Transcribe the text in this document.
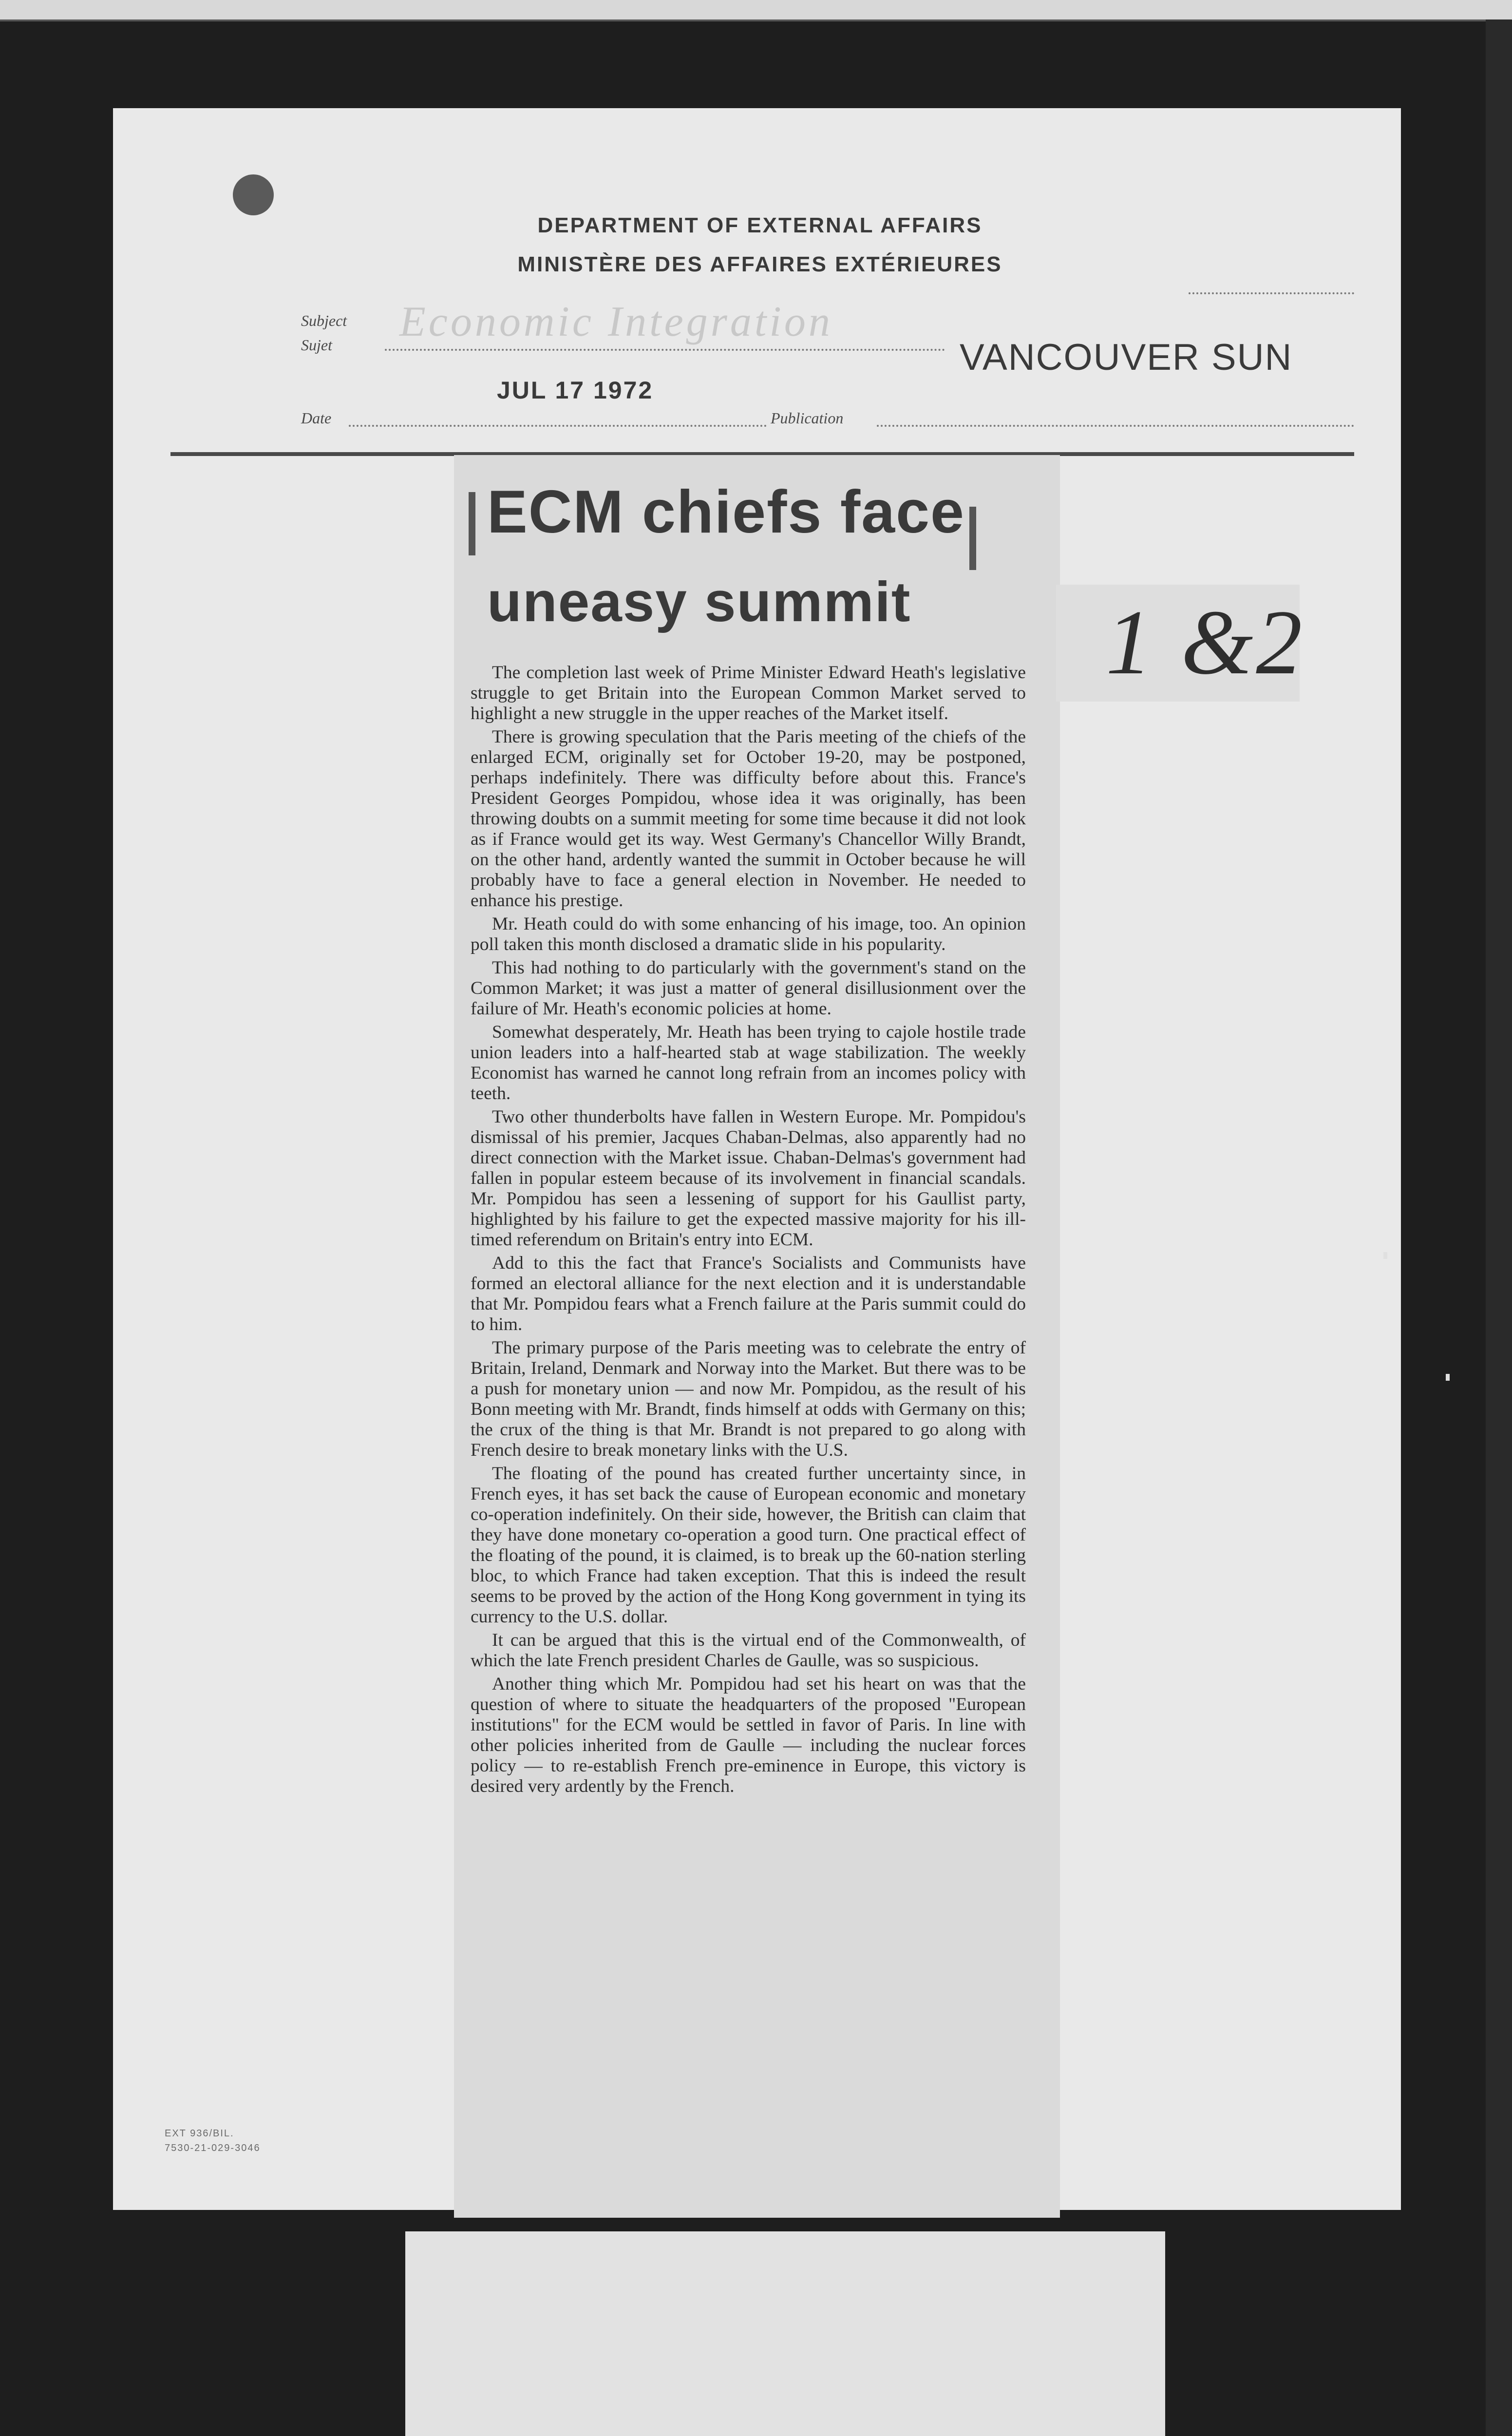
DEPARTMENT OF EXTERNAL AFFAIRS
MINISTÈRE DES AFFAIRES EXTÉRIEURES
Subject
Sujet Economic Integration
VANCOUVER SUN
JUL 17 1972
Date	Publication
ECM chiefs face
uneasy summit

The completion last week of Prime Minister Edward Heath's legislative struggle to get Britain into the European Common Market served to highlight a new struggle in the upper reaches of the Market itself.

There is growing speculation that the Paris meeting of the chiefs of the enlarged ECM, originally set for October 19-20, may be postponed, perhaps indefinitely. There was difficulty before about this. France's President Georges Pompidou, whose idea it was originally, has been throwing doubts on a summit meeting for some time because it did not look as if France would get its way. West Germany's Chancellor Willy Brandt, on the other hand, ardently wanted the summit in October because he will probably have to face a general election in November. He needed to enhance his prestige.

Mr. Heath could do with some enhancing of his image, too. An opinion poll taken this month disclosed a dramatic slide in his popularity.

This had nothing to do particularly with the government's stand on the Common Market; it was just a matter of general disillusionment over the failure of Mr. Heath's economic policies at home.

Somewhat desperately, Mr. Heath has been trying to cajole hostile trade union leaders into a half-hearted stab at wage stabilization. The weekly Economist has warned he cannot long refrain from an incomes policy with teeth.

Two other thunderbolts have fallen in Western Europe. Mr. Pompidou's dismissal of his premier, Jacques Chaban-Delmas, also apparently had no direct connection with the Market issue. Chaban-Delmas's government had fallen in popular esteem because of its involvement in financial scandals. Mr. Pompidou has seen a lessening of support for his Gaullist party, highlighted by his failure to get the expected massive majority for his ill-timed referendum on Britain's entry into ECM.

Add to this the fact that France's Socialists and Communists have formed an electoral alliance for the next election and it is understandable that Mr. Pompidou fears what a French failure at the Paris summit could do to him.

The primary purpose of the Paris meeting was to celebrate the entry of Britain, Ireland, Denmark and Norway into the Market. But there was to be a push for monetary union — and now Mr. Pompidou, as the result of his Bonn meeting with Mr. Brandt, finds himself at odds with Germany on this; the crux of the thing is that Mr. Brandt is not prepared to go along with French desire to break monetary links with the U.S.

The floating of the pound has created further uncertainty since, in French eyes, it has set back the cause of European economic and monetary co-operation indefinitely. On their side, however, the British can claim that they have done monetary co-operation a good turn. One practical effect of the floating of the pound, it is claimed, is to break up the 60-nation sterling bloc, to which France had taken exception. That this is indeed the result seems to be proved by the action of the Hong Kong government in tying its currency to the U.S. dollar.

It can be argued that this is the virtual end of the Commonwealth, of which the late French president Charles de Gaulle, was so suspicious.

Another thing which Mr. Pompidou had set his heart on was that the question of where to situate the headquarters of the proposed "European institutions" for the ECM would be settled in favor of Paris. In line with other policies inherited from de Gaulle — including the nuclear forces policy — to re-establish French pre-eminence in Europe, this victory is desired very ardently by the French.

1 &2
EXT 936/BIL.
7530-21-029-3046
